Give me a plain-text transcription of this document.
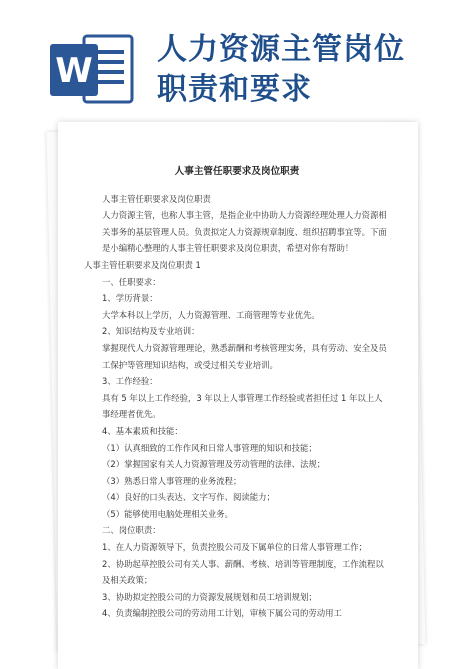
W
人力资源主管岗位
职责和要求
人事主管任职要求及岗位职责
人事主管任职要求及岗位职责
人力资源主管，也称人事主管，是指企业中协助人力资源经理处理人力资源相关事务的基层管理人员。负责拟定人力资源规章制度、组织招聘事宜等。下面是小编精心整理的人事主管任职要求及岗位职责，希望对你有帮助！
人事主管任职要求及岗位职责 1
一、任职要求：
1、学历背景：
大学本科以上学历，人力资源管理、工商管理等专业优先。
2、知识结构及专业培训：
掌握现代人力资源管理理论，熟悉薪酬和考核管理实务，具有劳动、安全及员工保护等管理知识结构，或受过相关专业培训。
3、工作经验：
具有 5 年以上工作经验，3 年以上人事管理工作经验或者担任过 1 年以上人事经理者优先。
4、基本素质和技能：
（1）认真细致的工作作风和日常人事管理的知识和技能；
（2）掌握国家有关人力资源管理及劳动管理的法律、法规；
（3）熟悉日常人事管理的业务流程；
（4）良好的口头表达、文字写作、阅读能力；
（5）能够使用电脑处理相关业务。
二、岗位职责：
1、在人力资源领导下，负责控股公司及下属单位的日常人事管理工作；
2、协助起草控股公司有关人事、薪酬、考核、培训等管理制度，工作流程以及相关政策；
3、协助拟定控股公司的力资源发展规划和员工培训规划；
4、负责编制控股公司的劳动用工计划，审核下属公司的劳动用工
